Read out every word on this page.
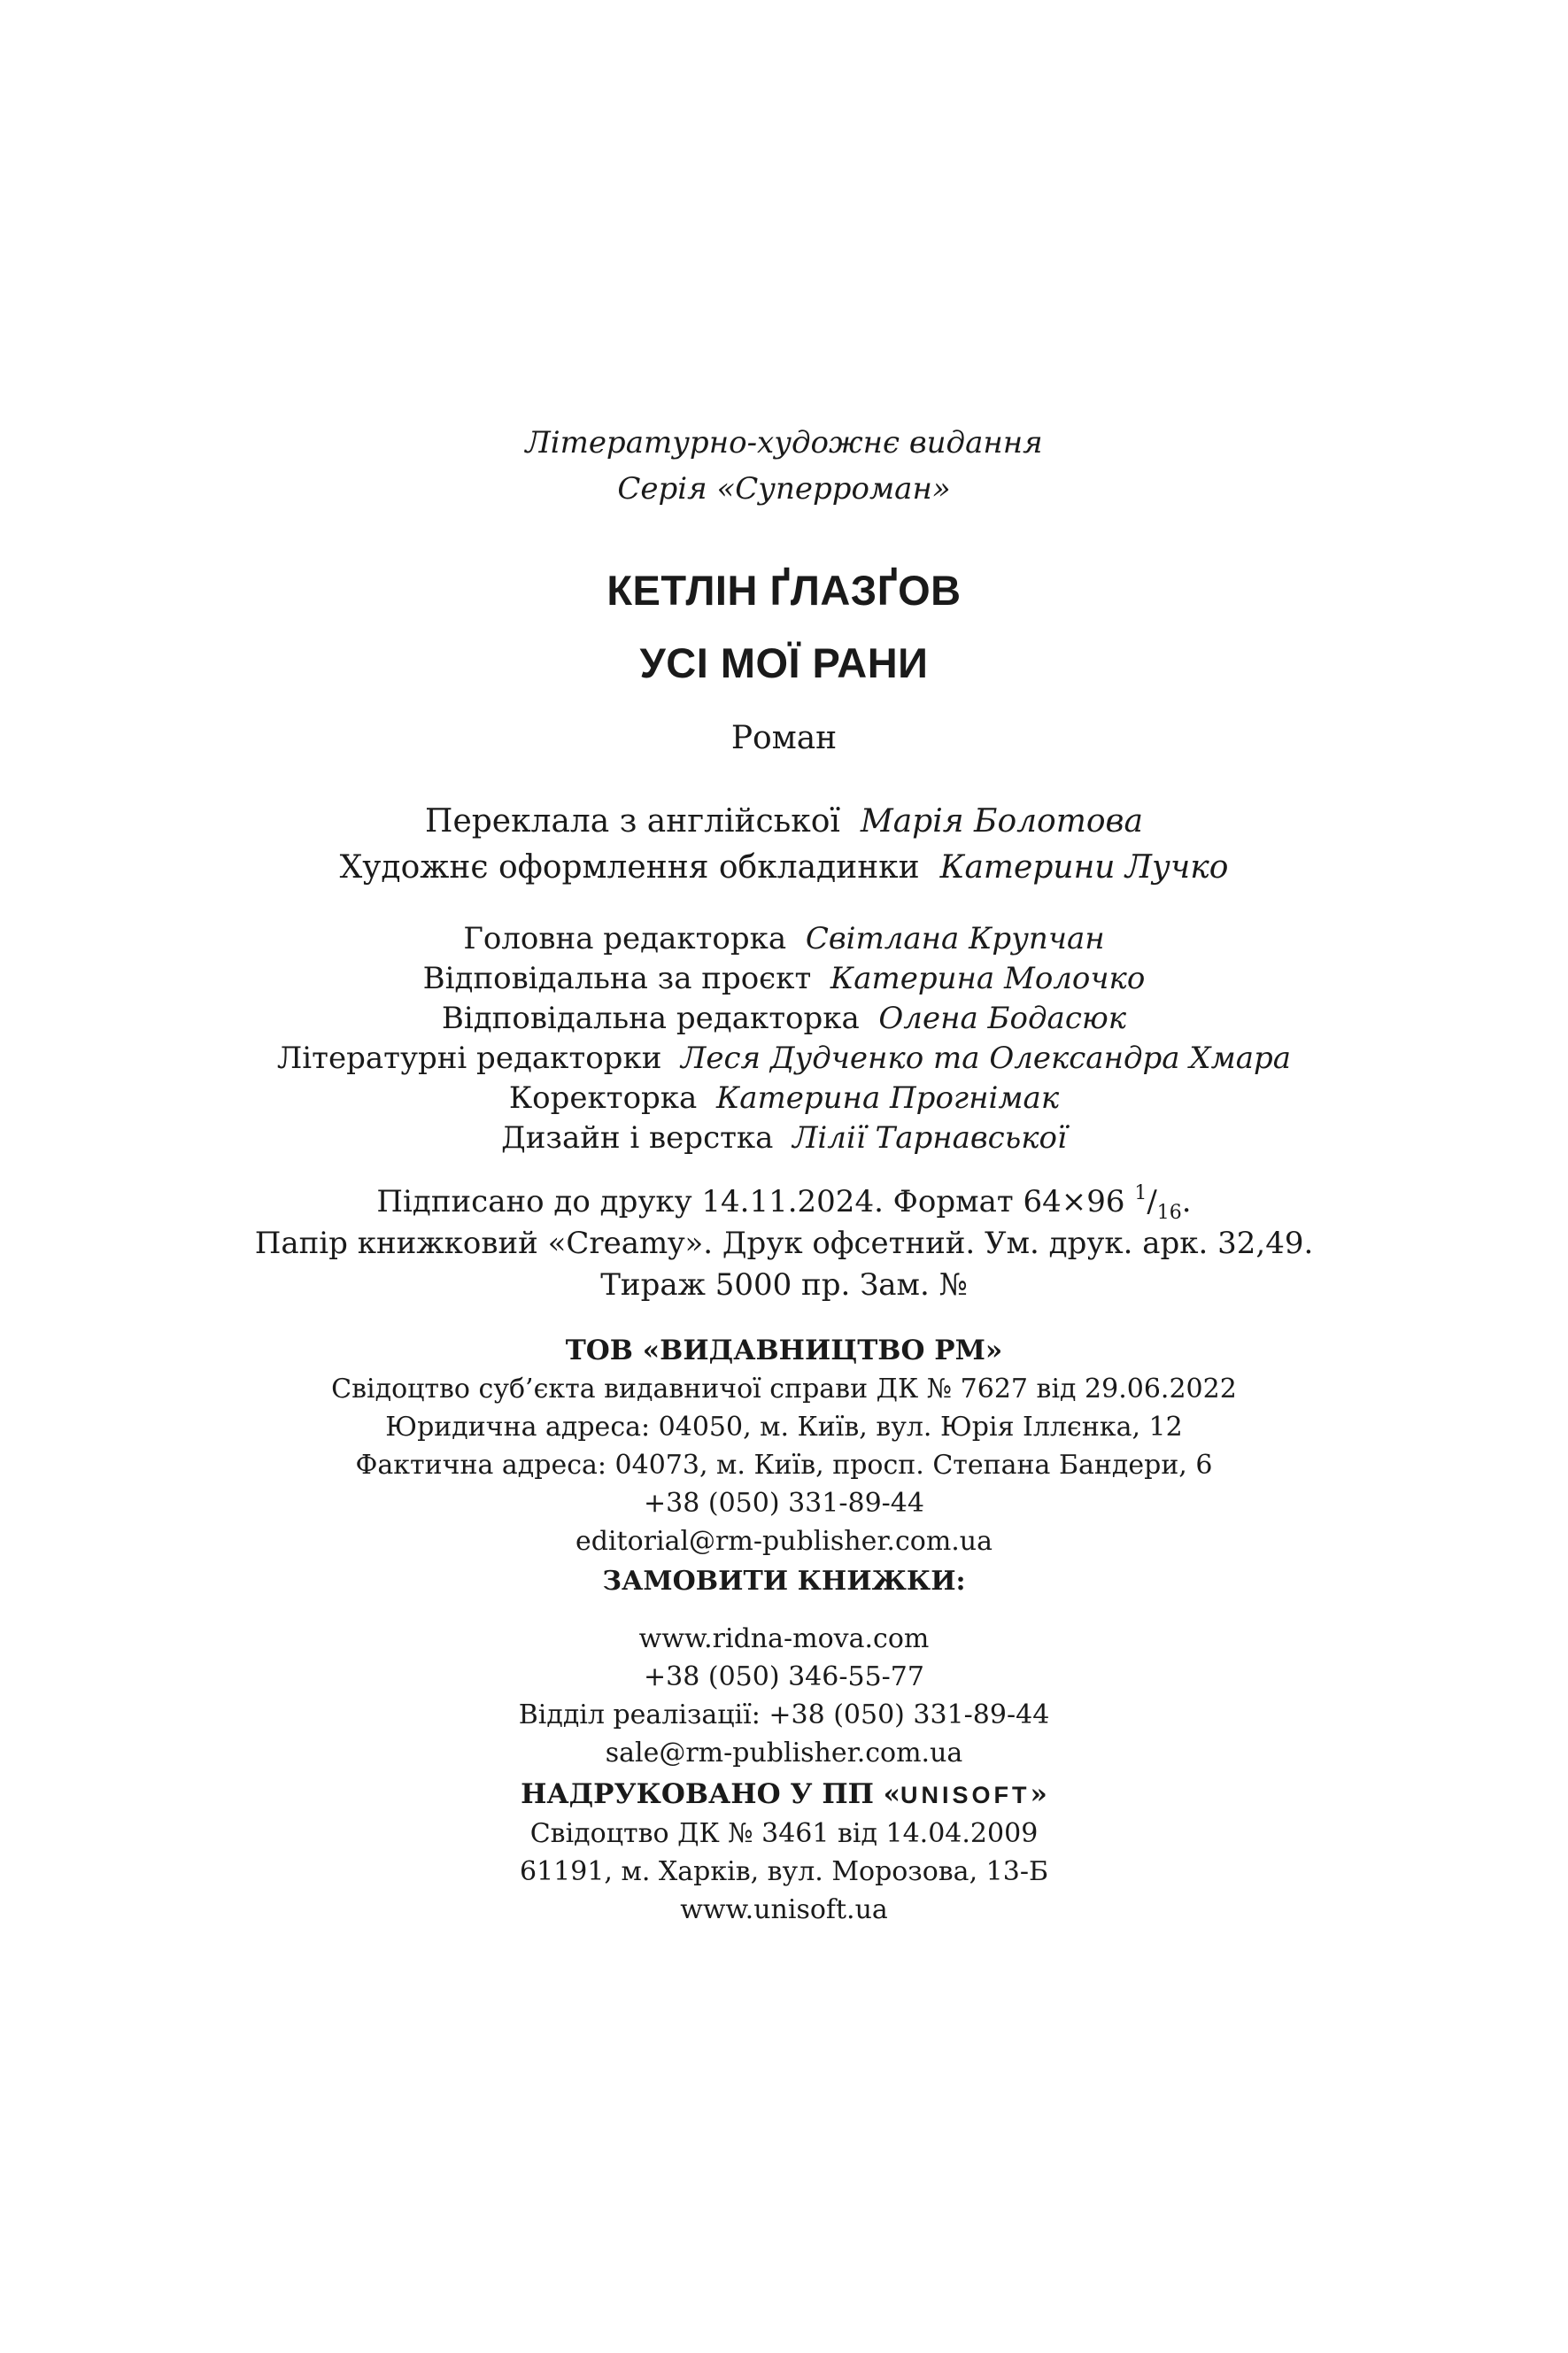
Літературно-художнє видання
Серія «Суперроман»
КЕТЛІН ҐЛАЗҐОВ
УСІ МОЇ РАНИ
Роман
Переклала з англійської Марія Болотова
Художнє оформлення обкладинки Катерини Лучко
Головна редакторка Світлана Крупчан
Відповідальна за проєкт Катерина Молочко
Відповідальна редакторка Олена Бодасюк
Літературні редакторки Леся Дудченко та Олександра Хмара
Коректорка Катерина Прогнімак
Дизайн і верстка Лілії Тарнавської
Підписано до друку 14.11.2024. Формат 64×96 $^1/_{16}$.
Папір книжковий «Creamy». Друк офсетний. Ум. друк. арк. 32,49.
Тираж 5000 пр. Зам. №
ТОВ «ВИДАВНИЦТВО РМ»
Свідоцтво суб’єкта видавничої справи ДК № 7627 від 29.06.2022
Юридична адреса: 04050, м. Київ, вул. Юрія Іллєнка, 12
Фактична адреса: 04073, м. Київ, просп. Степана Бандери, 6
+38 (050) 331-89-44
editorial@rm-publisher.com.ua
ЗАМОВИТИ КНИЖКИ:
www.ridna-mova.com
+38 (050) 346-55-77
Відділ реалізації: +38 (050) 331-89-44
sale@rm-publisher.com.ua
НАДРУКОВАНО У ПП «UNISOFT»
Свідоцтво ДК № 3461 від 14.04.2009
61191, м. Харків, вул. Морозова, 13-Б
www.unisoft.ua
